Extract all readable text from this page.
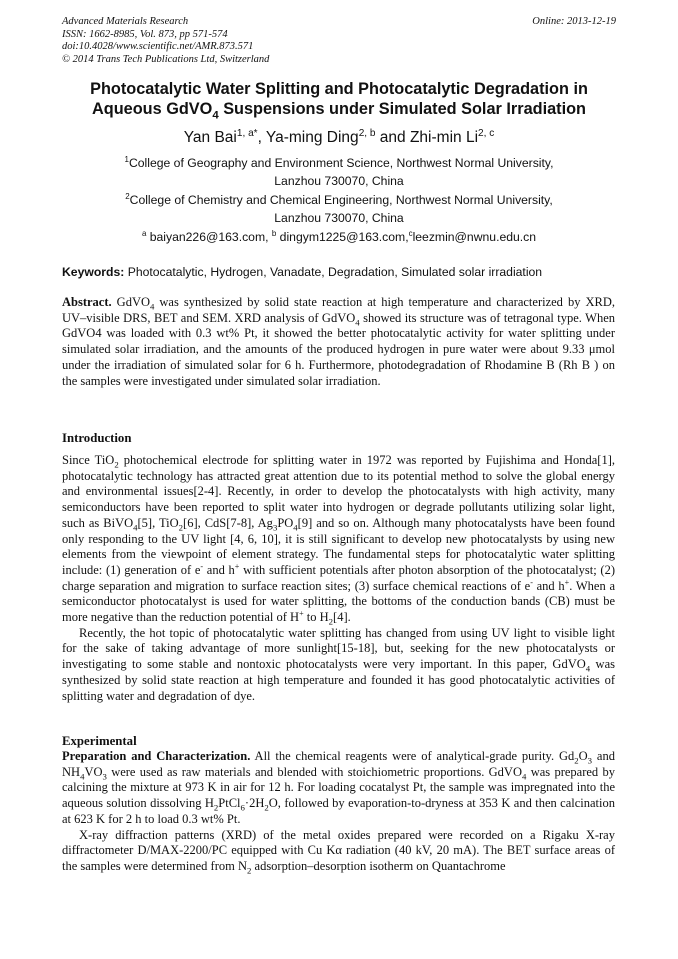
Advanced Materials Research
ISSN: 1662-8985, Vol. 873, pp 571-574
doi:10.4028/www.scientific.net/AMR.873.571
© 2014 Trans Tech Publications Ltd, Switzerland
Online: 2013-12-19
Photocatalytic Water Splitting and Photocatalytic Degradation in
Aqueous GdVO$_4$ Suspensions under Simulated Solar Irradiation
Yan Bai$^{1, a*}$, Ya-ming Ding$^{2, b}$ and Zhi-min Li$^{2, c}$
$^1$College of Geography and Environment Science, Northwest Normal University,
Lanzhou 730070, China
$^2$College of Chemistry and Chemical Engineering, Northwest Normal University,
Lanzhou 730070, China
$^a$ baiyan226@163.com, $^b$ dingym1225@163.com,$^c$leezmin@nwnu.edu.cn
Keywords: Photocatalytic, Hydrogen, Vanadate, Degradation, Simulated solar irradiation
Abstract. GdVO$_4$ was synthesized by solid state reaction at high temperature and characterized by XRD, UV–visible DRS, BET and SEM. XRD analysis of GdVO$_4$ showed its structure was of tetragonal type. When GdVO4 was loaded with 0.3 wt% Pt, it showed the better photocatalytic activity for water splitting under simulated solar irradiation, and the amounts of the produced hydrogen in pure water were about 9.33 μmol under the irradiation of simulated solar for 6 h. Furthermore, photodegradation of Rhodamine B (Rh B ) on the samples were investigated under simulated solar irradiation.
Introduction
Since TiO$_2$ photochemical electrode for splitting water in 1972 was reported by Fujishima and Honda[1], photocatalytic technology has attracted great attention due to its potential method to solve the global energy and environmental issues[2-4]. Recently, in order to develop the photocatalysts with high activity, many semiconductors have been reported to split water into hydrogen or degrade pollutants utilizing solar light, such as BiVO$_4$[5], TiO$_2$[6], CdS[7-8], $Ag_3PO_4[9]$ and so on. Although many photocatalysts have been found only responding to the UV light [4, 6, 10], it is still significant to develop new photocatalysts by using new elements from the viewpoint of element strategy. The fundamental steps for photocatalytic water splitting include: (1) generation of e- and h+ with sufficient potentials after photon absorption of the photocatalyst; (2) charge separation and migration to surface reaction sites; (3) surface chemical reactions of e- and h+. When a semiconductor photocatalyst is used for water splitting, the bottoms of the conduction bands (CB) must be more negative than the reduction potential of H+ to $H_2[4]$.
Recently, the hot topic of photocatalytic water splitting has changed from using UV light to visible light for the sake of taking advantage of more sunlight[15-18], but, seeking for the new photocatalysts or investigating to some stable and nontoxic photocatalysts were very important. In this paper, GdVO$_4$ was synthesized by solid state reaction at high temperature and founded it has good photocatalytic activities of splitting water and degradation of dye.
Experimental
Preparation and Characterization. All the chemical reagents were of analytical-grade purity. $Gd_2O_3$ and $NH_4VO_3$ were used as raw materials and blended with stoichiometric proportions. GdVO$_4$ was prepared by calcining the mixture at 973 K in air for 12 h. For loading cocatalyst Pt, the sample was impregnated into the aqueous solution dissolving $H_2PtCl_6\cdot 2H_2O$, followed by evaporation-to-dryness at 353 K and then calcination at 623 K for 2 h to load 0.3 wt% Pt.
X-ray diffraction patterns (XRD) of the metal oxides prepared were recorded on a Rigaku X-ray diffractometer D/MAX-2200/PC equipped with Cu Kα radiation (40 kV, 20 mA). The BET surface areas of the samples were determined from $N_2$ adsorption–desorption isotherm on Quantachrome
